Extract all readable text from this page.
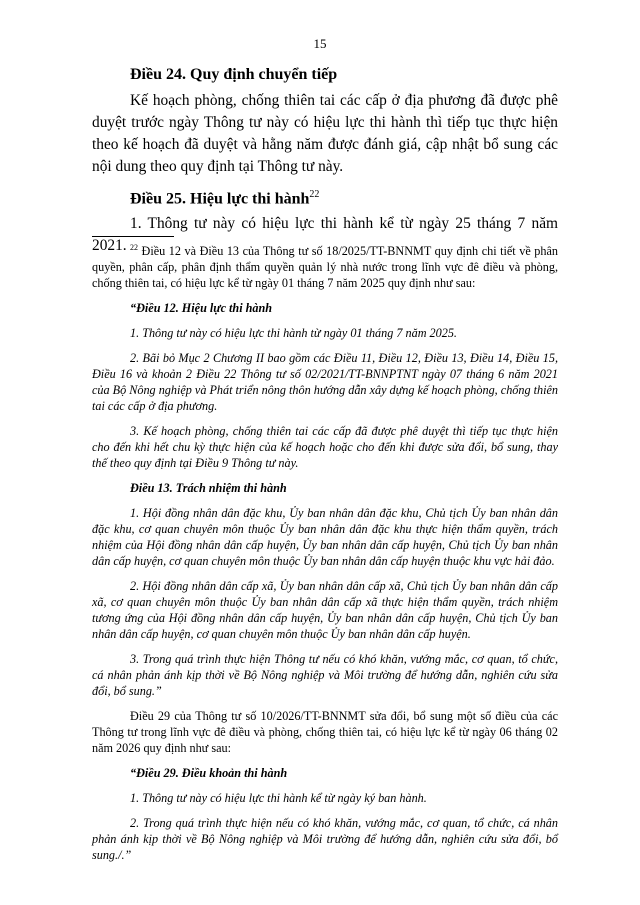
15

Điều 24. Quy định chuyển tiếp

Kế hoạch phòng, chống thiên tai các cấp ở địa phương đã được phê duyệt trước ngày Thông tư này có hiệu lực thi hành thì tiếp tục thực hiện theo kế hoạch đã duyệt và hằng năm được đánh giá, cập nhật bổ sung các nội dung theo quy định tại Thông tư này.

Điều 25. Hiệu lực thi hành$^{22}$

1. Thông tư này có hiệu lực thi hành kể từ ngày 25 tháng 7 năm 2021. $^{22}$ Điều 12 và Điều 13 của Thông tư số 18/2025/TT-BNNMT quy định chi tiết về phân quyền, phân cấp, phân định thẩm quyền quản lý nhà nước trong lĩnh vực đê điều và phòng, chống thiên tai, có hiệu lực kể từ ngày 01 tháng 7 năm 2025 quy định như sau:

“Điều 12. Hiệu lực thi hành

1. Thông tư này có hiệu lực thi hành từ ngày 01 tháng 7 năm 2025.

2. Bãi bỏ Mục 2 Chương II bao gồm các Điều 11, Điều 12, Điều 13, Điều 14, Điều 15, Điều 16 và khoản 2 Điều 22 Thông tư số 02/2021/TT-BNNPTNT ngày 07 tháng 6 năm 2021 của Bộ Nông nghiệp và Phát triển nông thôn hướng dẫn xây dựng kế hoạch phòng, chống thiên tai các cấp ở địa phương.

3. Kế hoạch phòng, chống thiên tai các cấp đã được phê duyệt thì tiếp tục thực hiện cho đến khi hết chu kỳ thực hiện của kế hoạch hoặc cho đến khi được sửa đổi, bổ sung, thay thế theo quy định tại Điều 9 Thông tư này.

Điều 13. Trách nhiệm thi hành

1. Hội đồng nhân dân đặc khu, Ủy ban nhân dân đặc khu, Chủ tịch Ủy ban nhân dân đặc khu, cơ quan chuyên môn thuộc Ủy ban nhân dân đặc khu thực hiện thẩm quyền, trách nhiệm của Hội đồng nhân dân cấp huyện, Ủy ban nhân dân cấp huyện, Chủ tịch Ủy ban nhân dân cấp huyện, cơ quan chuyên môn thuộc Ủy ban nhân dân cấp huyện thuộc khu vực hải đảo.

2. Hội đồng nhân dân cấp xã, Ủy ban nhân dân cấp xã, Chủ tịch Ủy ban nhân dân cấp xã, cơ quan chuyên môn thuộc Ủy ban nhân dân cấp xã thực hiện thẩm quyền, trách nhiệm tương ứng của Hội đồng nhân dân cấp huyện, Ủy ban nhân dân cấp huyện, Chủ tịch Ủy ban nhân dân cấp huyện, cơ quan chuyên môn thuộc Ủy ban nhân dân cấp huyện.

3. Trong quá trình thực hiện Thông tư nếu có khó khăn, vướng mắc, cơ quan, tổ chức, cá nhân phản ánh kịp thời về Bộ Nông nghiệp và Môi trường để hướng dẫn, nghiên cứu sửa đổi, bổ sung.”

Điều 29 của Thông tư số 10/2026/TT-BNNMT sửa đổi, bổ sung một số điều của các Thông tư trong lĩnh vực đê điều và phòng, chống thiên tai, có hiệu lực kể từ ngày 06 tháng 02 năm 2026 quy định như sau:

“Điều 29. Điều khoản thi hành

1. Thông tư này có hiệu lực thi hành kể từ ngày ký ban hành.

2. Trong quá trình thực hiện nếu có khó khăn, vướng mắc, cơ quan, tổ chức, cá nhân phản ánh kịp thời về Bộ Nông nghiệp và Môi trường để hướng dẫn, nghiên cứu sửa đổi, bổ sung./.”
